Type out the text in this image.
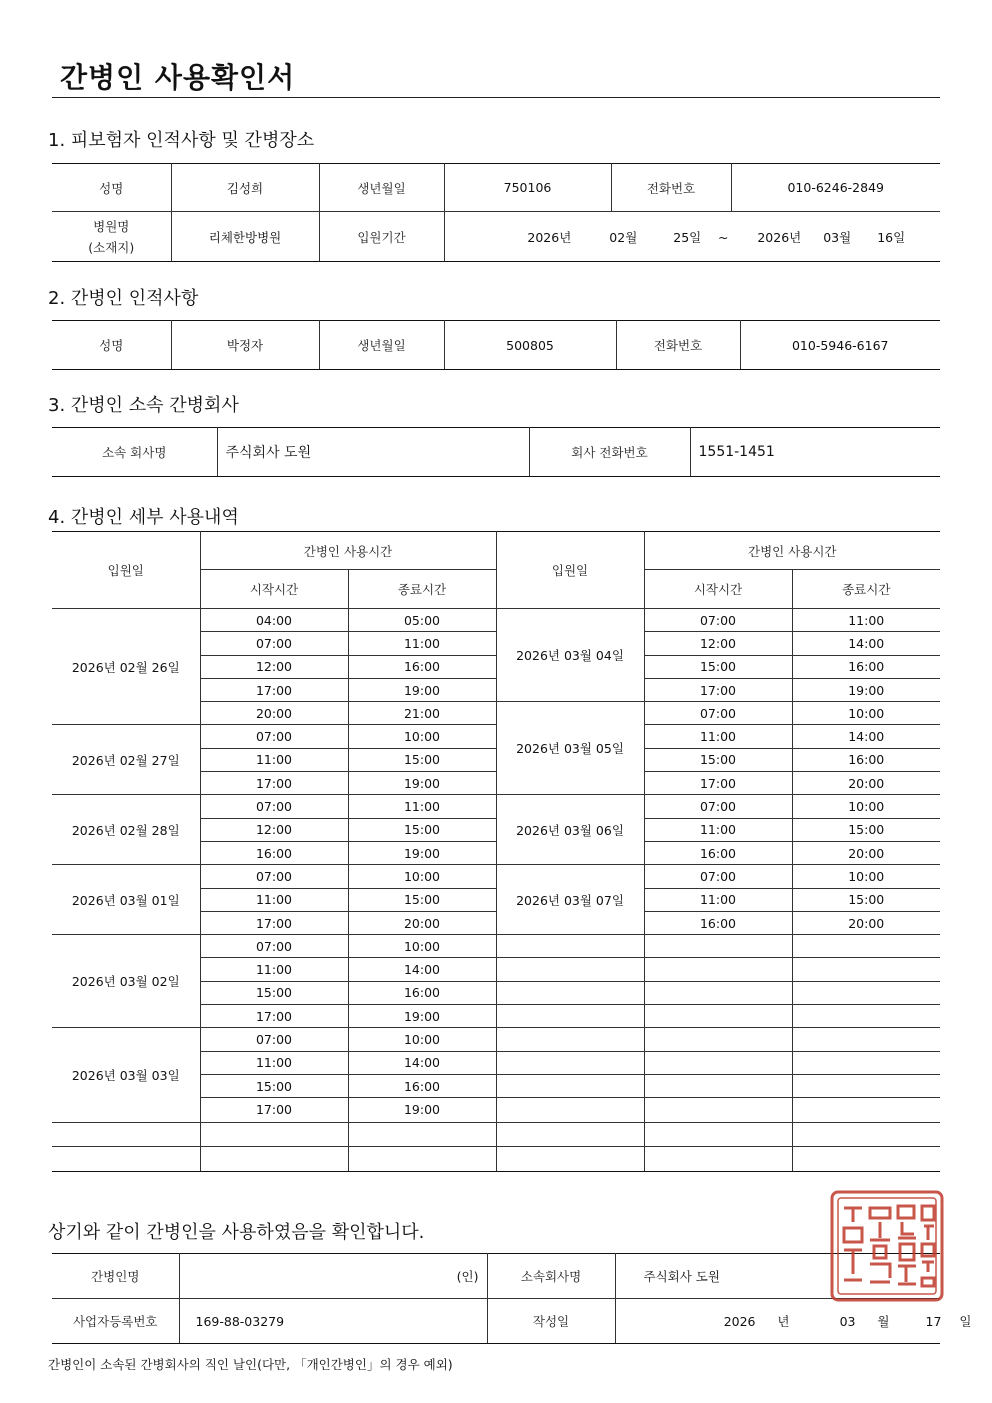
간병인 사용확인서
1. 피보험자 인적사항 및 간병장소
성명	김성희	생년월일	750106	전화번호	010-6246-2849

병원명
(소재지)	리체한방병원	입원기간	2026년 02월 25일 ~ 2026년 03월 16일		
2. 간병인 인적사항
성명	박정자	생년월일	500805	전화번호	010-5946-6167
3. 간병인 소속 간병회사
소속 회사명	주식회사 도원	회사 전화번호	1551-1451
4. 간병인 세부 사용내역
입원일	간병인 사용시간		입원일	간병인 사용시간	
	시작시간	종료시간		시작시간	종료시간
2026년 02월 26일	04:00	05:00	2026년 03월 04일	07:00	11:00
	07:00	11:00		12:00	14:00
	12:00	16:00		15:00	16:00
	17:00	19:00		17:00	19:00
	20:00	21:00	2026년 03월 05일	07:00	10:00
2026년 02월 27일	07:00	10:00		11:00	14:00
	11:00	15:00		15:00	16:00
	17:00	19:00		17:00	20:00
2026년 02월 28일	07:00	11:00	2026년 03월 06일	07:00	10:00
	12:00	15:00		11:00	15:00
	16:00	19:00		16:00	20:00
2026년 03월 01일	07:00	10:00	2026년 03월 07일	07:00	10:00
	11:00	15:00		11:00	15:00
	17:00	20:00		16:00	20:00
2026년 03월 02일	07:00	10:00			
	11:00	14:00			
	15:00	16:00			
	17:00	19:00			
2026년 03월 03일	07:00	10:00			
	11:00	14:00			
	15:00	16:00			
	17:00	19:00			

상기와 같이 간병인을 사용하였음을 확인합니다.
간병인명	(인)	소속회사명	주식회사 도원
사업자등록번호	169-88-03279	작성일	2026 년 03 월 17 일
간병인이 소속된 간병회사의 직인 날인(다만, 「개인간병인」의 경우 예외)
